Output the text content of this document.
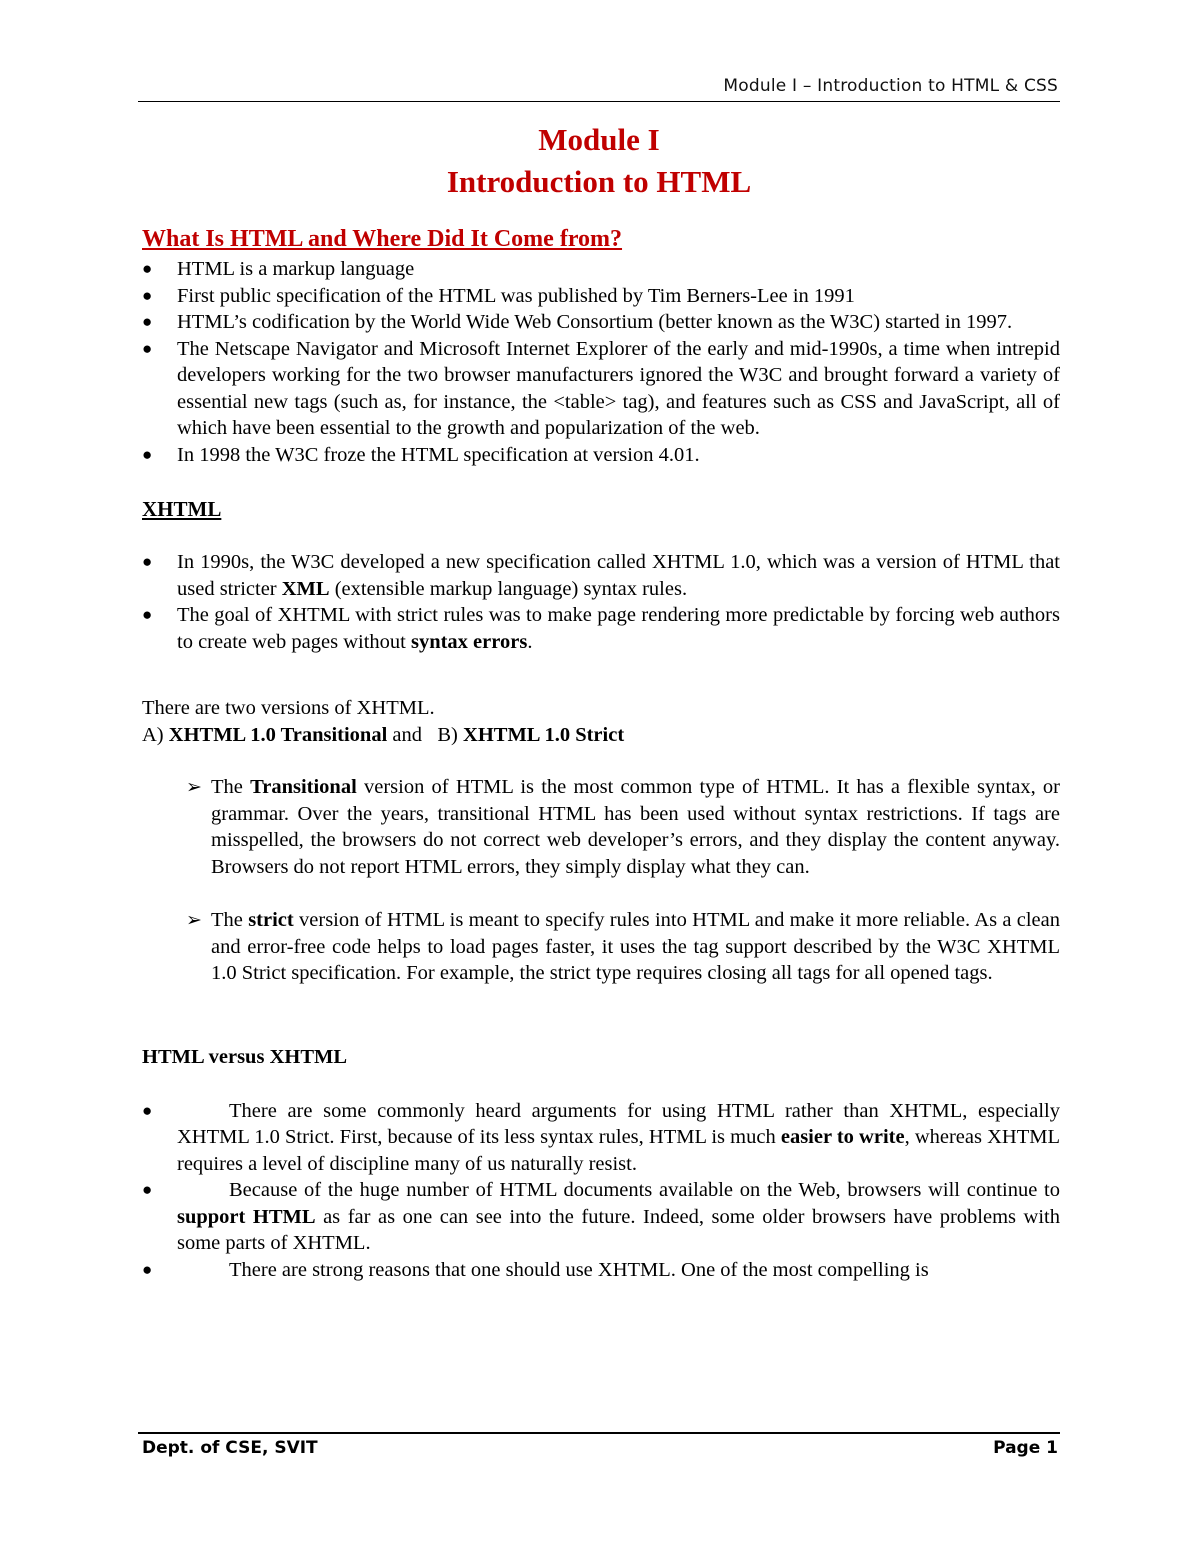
Module I – Introduction to HTML & CSS
Module I
Introduction to HTML

What Is HTML and Where Did It Come from?

● HTML is a markup language
● First public specification of the HTML was published by Tim Berners-Lee in 1991
● HTML’s codification by the World Wide Web Consortium (better known as the W3C) started in 1997.
● The Netscape Navigator and Microsoft Internet Explorer of the early and mid-1990s, a time when intrepid developers working for the two browser manufacturers ignored the W3C and brought forward a variety of essential new tags (such as, for instance, the <table> tag), and features such as CSS and JavaScript, all of which have been essential to the growth and popularization of the web.
● In 1998 the W3C froze the HTML specification at version 4.01.

XHTML

● In 1990s, the W3C developed a new specification called XHTML 1.0, which was a version of HTML that used stricter XML (extensible markup language) syntax rules.
● The goal of XHTML with strict rules was to make page rendering more predictable by forcing web authors to create web pages without syntax errors.

There are two versions of XHTML.

A) XHTML 1.0 Transitional and   B) XHTML 1.0 Strict

➢ The Transitional version of HTML is the most common type of HTML. It has a flexible syntax, or grammar. Over the years, transitional HTML has been used without syntax restrictions. If tags are misspelled, the browsers do not correct web developer’s errors, and they display the content anyway. Browsers do not report HTML errors, they simply display what they can.
➢ The strict version of HTML is meant to specify rules into HTML and make it more reliable. As a clean and error-free code helps to load pages faster, it uses the tag support described by the W3C XHTML 1.0 Strict specification. For example, the strict type requires closing all tags for all opened tags.

HTML versus XHTML

●	There are some commonly heard arguments for using HTML rather than XHTML, especially XHTML 1.0 Strict. First, because of its less syntax rules, HTML is much easier to write, whereas XHTML requires a level of discipline many of us naturally resist.
●	Because of the huge number of HTML documents available on the Web, browsers will continue to support HTML as far as one can see into the future. Indeed, some older browsers have problems with some parts of XHTML.
●	There are strong reasons that one should use XHTML. One of the most compelling is
Dept. of CSE, SVIT	Page 1
